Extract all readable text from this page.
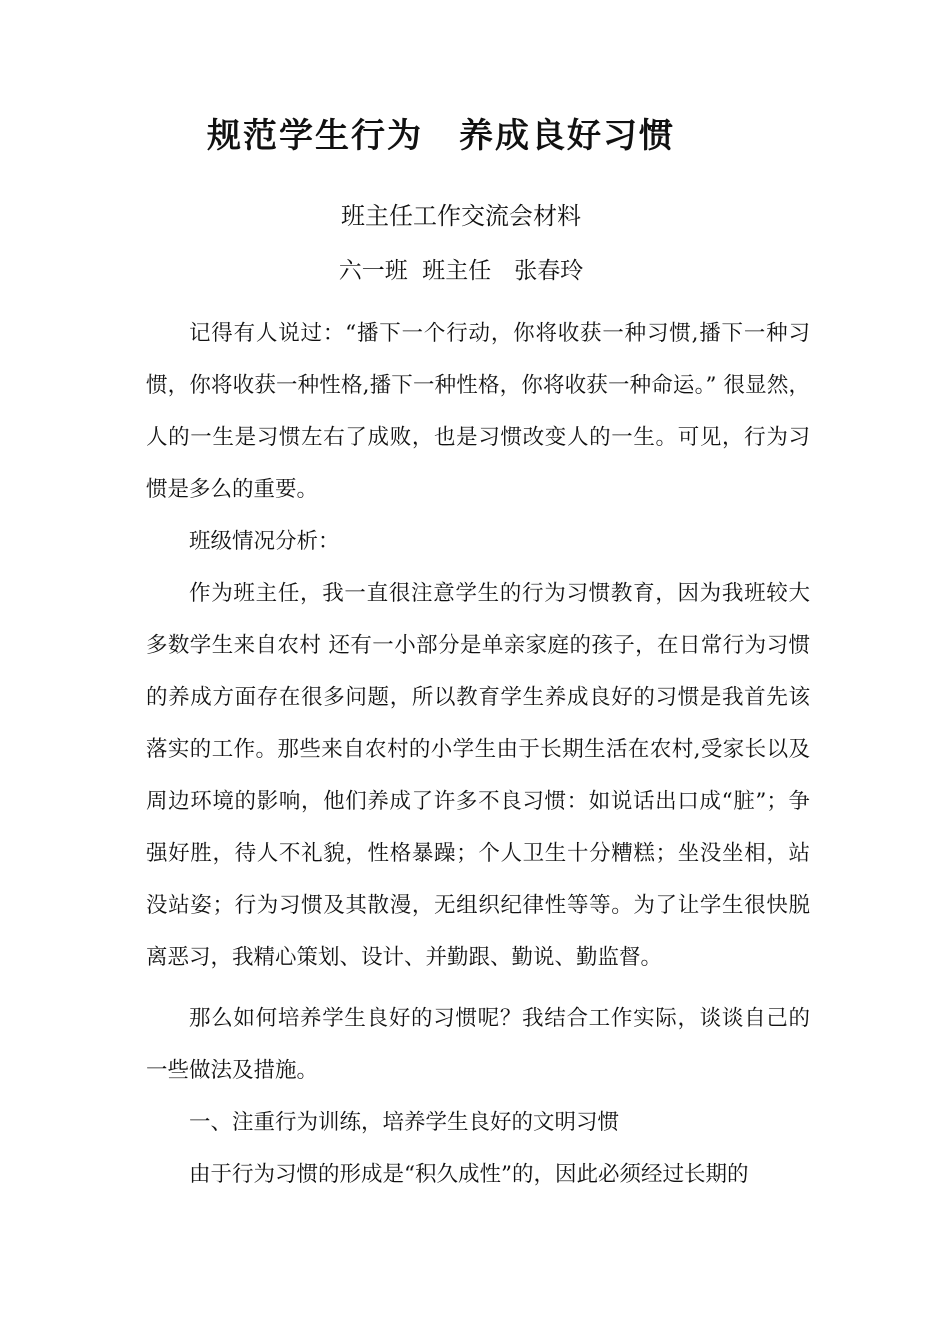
规范学生行为　养成良好习惯
班主任工作交流会材料
六一班  班主任　张春玲

记得有人说过：“播下一个行动，你将收获一种习惯,播下一种习惯，你将收获一种性格,播下一种性格，你将收获一种命运。” 很显然，人的一生是习惯左右了成败，也是习惯改变人的一生。可见，行为习惯是多么的重要。

班级情况分析：

作为班主任，我一直很注意学生的行为习惯教育，因为我班较大多数学生来自农村 还有一小部分是单亲家庭的孩子，在日常行为习惯的养成方面存在很多问题，所以教育学生养成良好的习惯是我首先该落实的工作。那些来自农村的小学生由于长期生活在农村,受家长以及周边环境的影响，他们养成了许多不良习惯：如说话出口成“脏”；争强好胜，待人不礼貌，性格暴躁；个人卫生十分糟糕；坐没坐相，站没站姿；行为习惯及其散漫，无组织纪律性等等。为了让学生很快脱离恶习，我精心策划、设计、并勤跟、勤说、勤监督。

那么如何培养学生良好的习惯呢？我结合工作实际，谈谈自己的一些做法及措施。

一、注重行为训练，培养学生良好的文明习惯

由于行为习惯的形成是“积久成性”的，因此必须经过长期的
